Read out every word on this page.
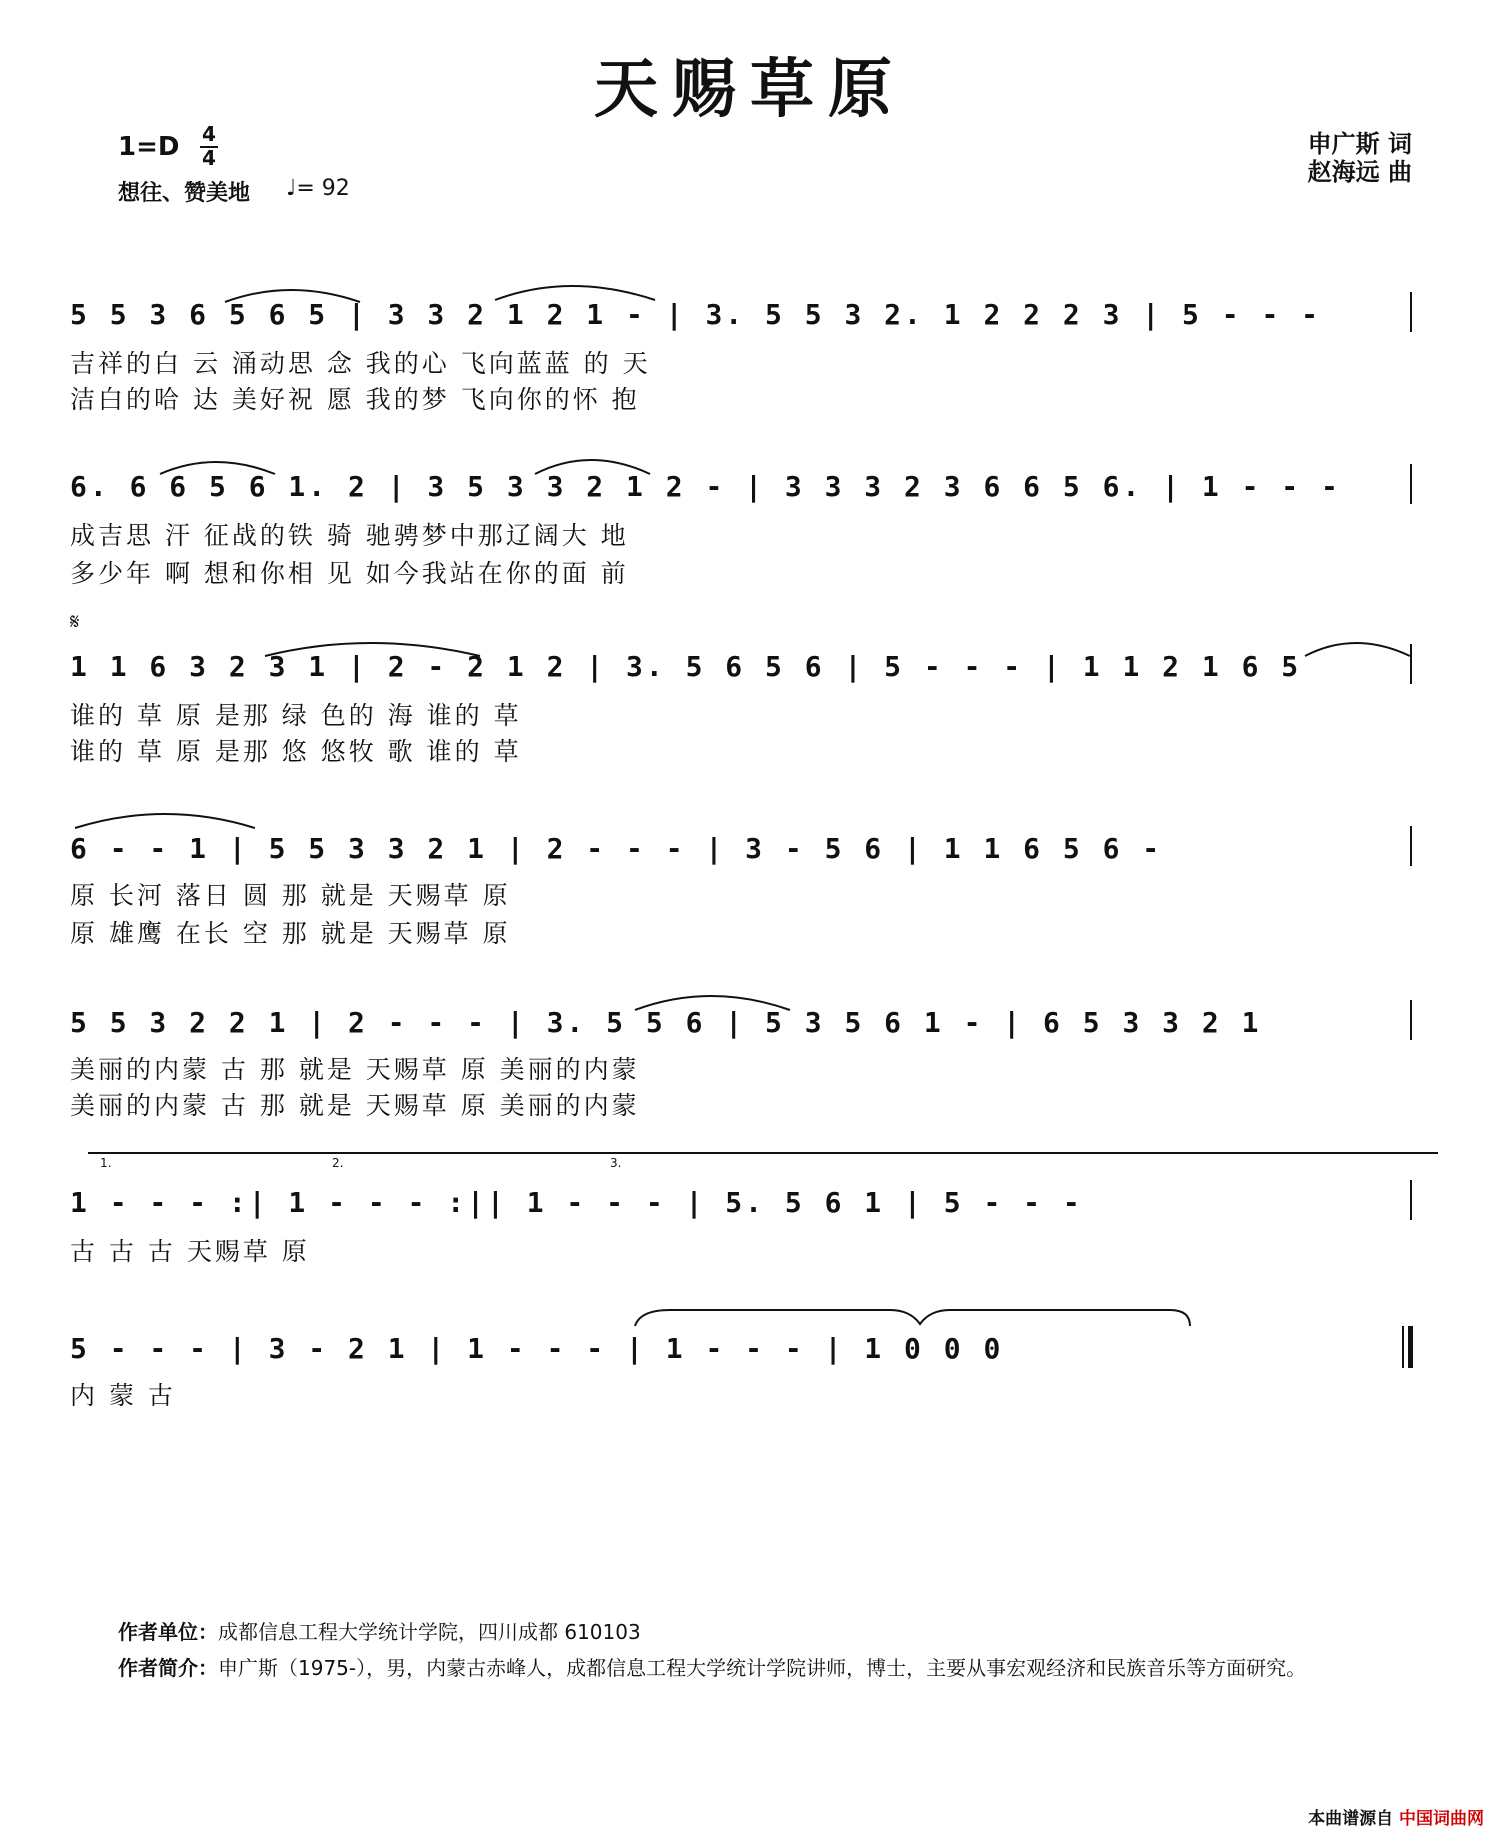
天赐草原
1=D 4
4
想往、赞美地 ♩= 92
申广斯 词
赵海远 曲
5 5 3 6 5 6 5 | 3 3 2 1 2 1 - | 3. 5 5 3 2. 1 2 2 2 3 | 5 - - -
吉祥的白 云 涌动思 念 我的心 飞向蓝蓝 的 天
洁白的哈 达 美好祝 愿 我的梦 飞向你的怀 抱
6. 6 6 5 6 1. 2 | 3 5 3 3 2 1 2 - | 3 3 3 2 3 6 6 5 6. | 1 - - -
成吉思 汗 征战的铁 骑 驰骋梦中那辽阔大 地
多少年 啊 想和你相 见 如今我站在你的面 前
𝄋
1 1 6 3 2 3 1 | 2 - 2 1 2 | 3. 5 6 5 6 | 5 - - - | 1 1 2 1 6 5
谁的 草 原 是那 绿 色的 海 谁的 草
谁的 草 原 是那 悠 悠牧 歌 谁的 草
6 - - 1 | 5 5 3 3 2 1 | 2 - - - | 3 - 5 6 | 1 1 6 5 6 -
原 长河 落日 圆 那 就是 天赐草 原
原 雄鹰 在长 空 那 就是 天赐草 原
5 5 3 2 2 1 | 2 - - - | 3. 5 5 6 | 5 3 5 6 1 - | 6 5 3 3 2 1
美丽的内蒙 古 那 就是 天赐草 原 美丽的内蒙
美丽的内蒙 古 那 就是 天赐草 原 美丽的内蒙
1.	2.	3.
1 - - - :| 1 - - - :|| 1 - - - | 5. 5 6 1 | 5 - - -
古 古 古 天赐草 原
5 - - - | 3 - 2 1 | 1 - - - | 1 - - - | 1 0 0 0
内 蒙 古
作者单位：成都信息工程大学统计学院，四川成都 610103
作者简介：申广斯（1975-），男，内蒙古赤峰人，成都信息工程大学统计学院讲师，博士，主要从事宏观经济和民族音乐等方面研究。
本曲谱源自 中国词曲网
